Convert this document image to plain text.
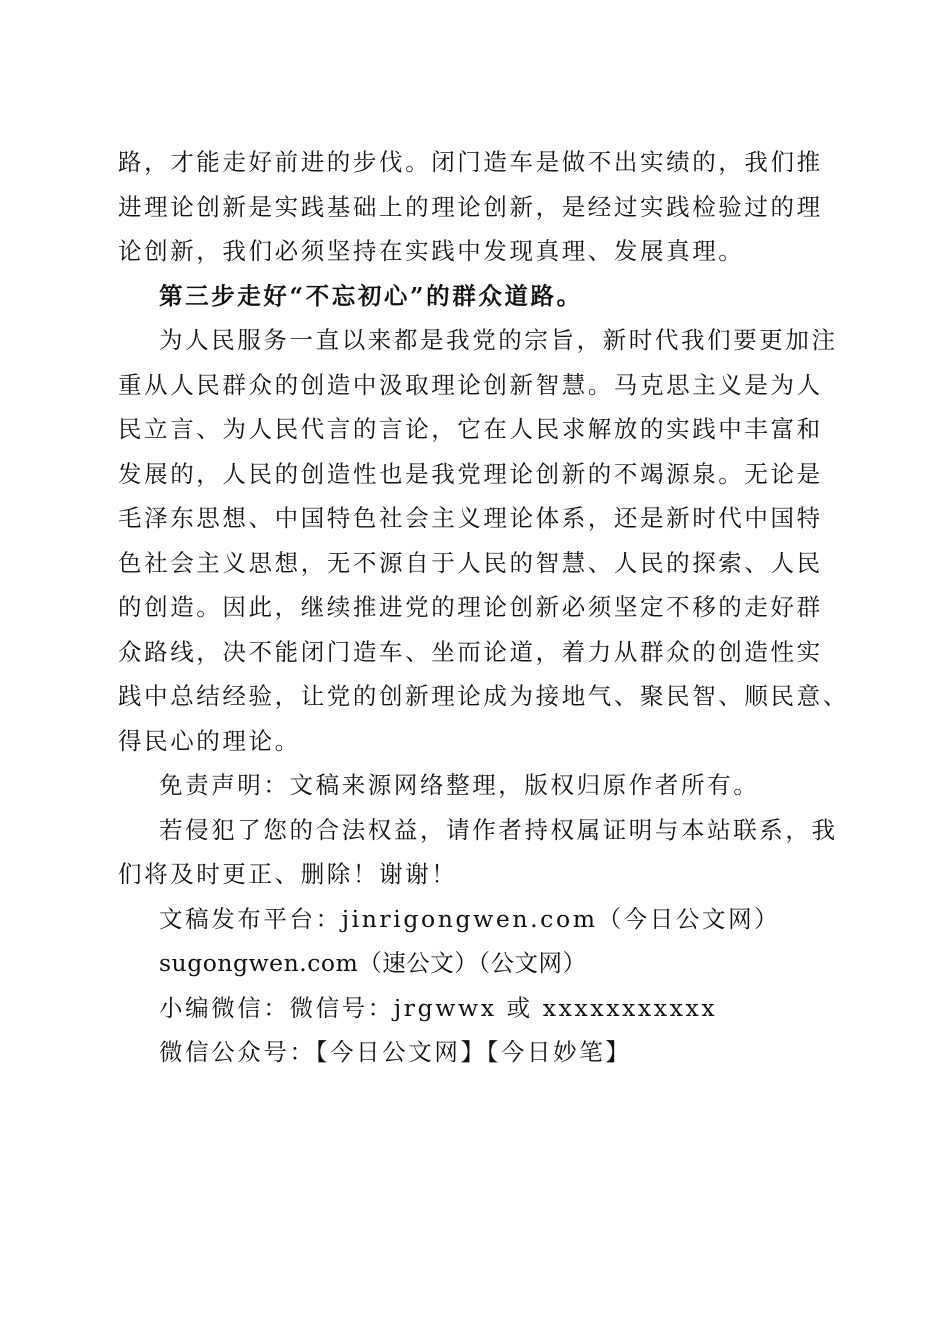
路，才能走好前进的步伐。闭门造车是做不出实绩的，我们推
进理论创新是实践基础上的理论创新，是经过实践检验过的理
论创新，我们必须坚持在实践中发现真理、发展真理。
第三步走好“不忘初心”的群众道路。
为人民服务一直以来都是我党的宗旨，新时代我们要更加注
重从人民群众的创造中汲取理论创新智慧。马克思主义是为人
民立言、为人民代言的言论，它在人民求解放的实践中丰富和
发展的，人民的创造性也是我党理论创新的不竭源泉。无论是
毛泽东思想、中国特色社会主义理论体系，还是新时代中国特
色社会主义思想，无不源自于人民的智慧、人民的探索、人民
的创造。因此，继续推进党的理论创新必须坚定不移的走好群
众路线，决不能闭门造车、坐而论道，着力从群众的创造性实
践中总结经验，让党的创新理论成为接地气、聚民智、顺民意、
得民心的理论。
免责声明：文稿来源网络整理，版权归原作者所有。
若侵犯了您的合法权益，请作者持权属证明与本站联系，我
们将及时更正、删除！谢谢！
文稿发布平台：jinrigongwen.com（今日公文网）
sugongwen.com（速公文）（公文网）
小编微信：微信号：jrgwwx 或 xxxxxxxxxxx
微信公众号：【今日公文网】【今日妙笔】
